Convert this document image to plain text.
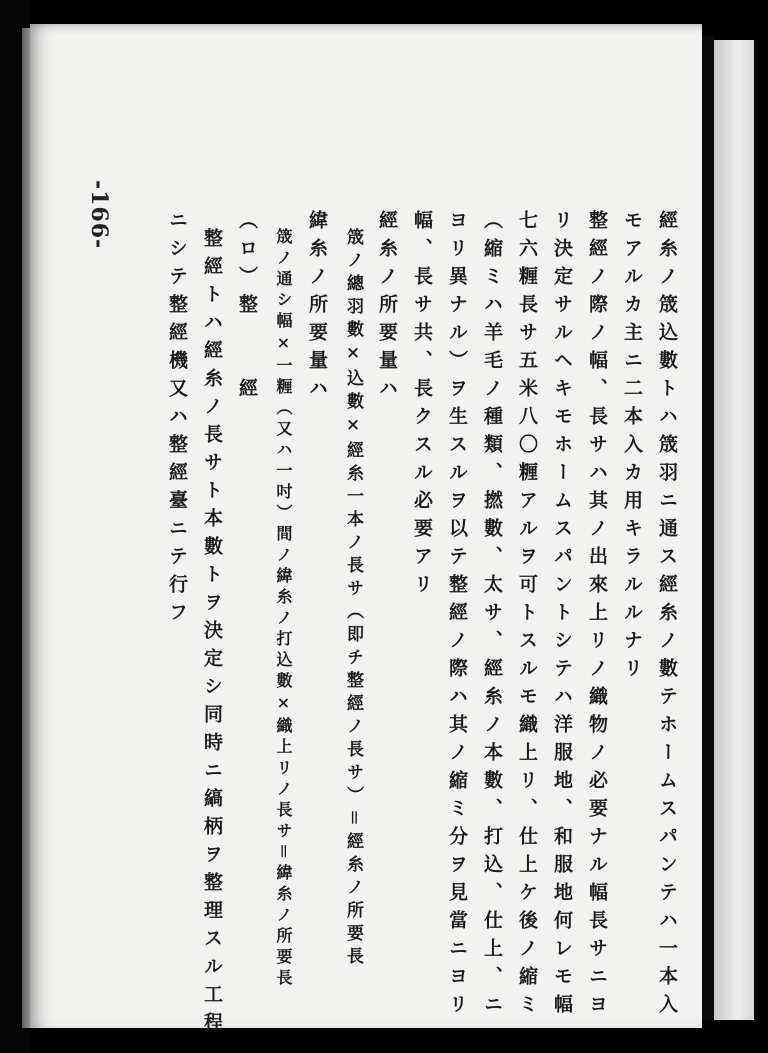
-166-	經糸ノ筬込數トハ筬羽ニ通ス經糸ノ數テホームスパンテハ一本入
モアルカ主ニ二本入カ用キラルルナリ
整經ノ際ノ幅、長サハ其ノ出來上リノ織物ノ必要ナル幅長サニヨ
リ決定サルヘキモホームスパントシテハ洋服地、和服地何レモ幅
七六糎長サ五米八〇糎アルヲ可トスルモ織上リ、仕上ケ後ノ縮ミ
（縮ミハ羊毛ノ種類、撚數、太サ、經糸ノ本數、打込、仕上、ニ
ヨリ異ナル）ヲ生スルヲ以テ整經ノ際ハ其ノ縮ミ分ヲ見當ニヨリ
幅、長サ共、長クスル必要アリ
經糸ノ所要量ハ
筬ノ總羽數×込數×經糸一本ノ長サ（即チ整經ノ長サ）＝經糸ノ所要長
緯糸ノ所要量ハ
筬ノ通シ幅×一糎（又ハ一吋）間ノ緯糸ノ打込數×織上リノ長サ＝緯糸ノ所要長
（ロ）整　　經
整經トハ經糸ノ長サト本數トヲ決定シ同時ニ縞柄ヲ整理スル工程
ニシテ整經機又ハ整經臺ニテ行フ
